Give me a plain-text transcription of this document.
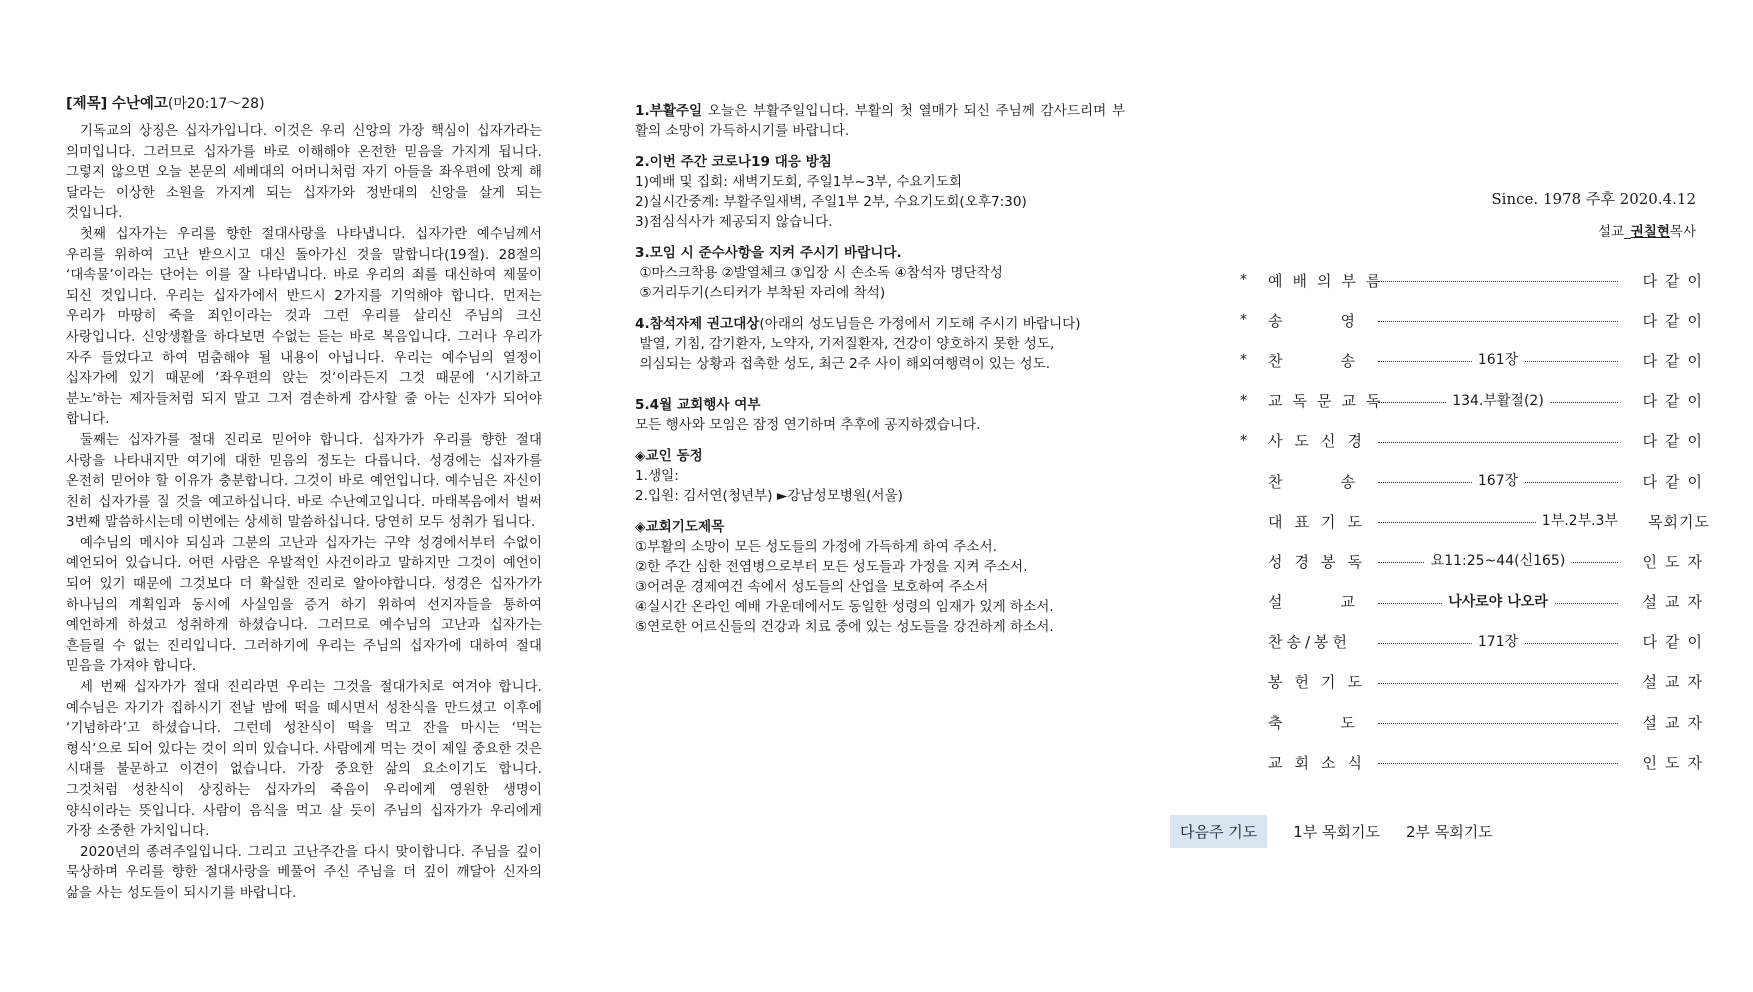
[제목] 수난예고(마20:17～28)

기독교의 상징은 십자가입니다. 이것은 우리 신앙의 가장 핵심이 십자가라는 의미입니다. 그러므로 십자가를 바로 이해해야 온전한 믿음을 가지게 됩니다. 그렇지 않으면 오늘 본문의 세베대의 어머니처럼 자기 아들을 좌우편에 앉게 해 달라는 이상한 소원을 가지게 되는 십자가와 정반대의 신앙을 살게 되는 것입니다.

첫째 십자가는 우리를 향한 절대사랑을 나타냅니다. 십자가란 예수님께서 우리를 위하여 고난 받으시고 대신 돌아가신 것을 말합니다(19절). 28절의 ‘대속물’이라는 단어는 이를 잘 나타냅니다. 바로 우리의 죄를 대신하여 제물이 되신 것입니다. 우리는 십자가에서 반드시 2가지를 기억해야 합니다. 먼저는 우리가 마땅히 죽을 죄인이라는 것과 그런 우리를 살리신 주님의 크신 사랑입니다. 신앙생활을 하다보면 수없는 듣는 바로 복음입니다. 그러나 우리가 자주 들었다고 하여 멈춤해야 될 내용이 아닙니다. 우리는 예수님의 열정이 십자가에 있기 때문에 ‘좌우편의 앉는 것’이라든지 그것 때문에 ‘시기하고 분노’하는 제자들처럼 되지 말고 그저 겸손하게 감사할 줄 아는 신자가 되어야 합니다.

둘째는 십자가를 절대 진리로 믿어야 합니다. 십자가가 우리를 향한 절대 사랑을 나타내지만 여기에 대한 믿음의 정도는 다릅니다. 성경에는 십자가를 온전히 믿어야 할 이유가 충분합니다. 그것이 바로 예언입니다. 예수님은 자신이 친히 십자가를 질 것을 예고하십니다. 바로 수난예고입니다. 마태복음에서 벌써 3번째 말씀하시는데 이번에는 상세히 말씀하십니다. 당연히 모두 성취가 됩니다.

예수님의 메시야 되심과 그분의 고난과 십자가는 구약 성경에서부터 수없이 예언되어 있습니다. 어떤 사람은 우발적인 사건이라고 말하지만 그것이 예언이 되어 있기 때문에 그것보다 더 확실한 진리로 알아야합니다. 성경은 십자가가 하나님의 계획임과 동시에 사실임을 증거 하기 위하여 선지자들을 통하여 예언하게 하셨고 성취하게 하셨습니다. 그러므로 예수님의 고난과 십자가는 흔들릴 수 없는 진리입니다. 그러하기에 우리는 주님의 십자가에 대하여 절대 믿음을 가져야 합니다.

세 번째 십자가가 절대 진리라면 우리는 그것을 절대가치로 여겨야 합니다. 예수님은 자기가 집하시기 전날 밤에 떡을 떼시면서 성찬식을 만드셨고 이후에 ‘기념하라’고 하셨습니다. 그런데 성찬식이 떡을 먹고 잔을 마시는 ‘먹는 형식’으로 되어 있다는 것이 의미 있습니다. 사람에게 먹는 것이 제일 중요한 것은 시대를 불문하고 이견이 없습니다. 가장 중요한 삶의 요소이기도 합니다. 그것처럼 성찬식이 상징하는 십자가의 죽음이 우리에게 영원한 생명이 양식이라는 뜻입니다. 사람이 음식을 먹고 살 듯이 주님의 십자가가 우리에게 가장 소중한 가치입니다.

2020년의 종려주일입니다. 그리고 고난주간을 다시 맞이합니다. 주님을 깊이 묵상하며 우리를 향한 절대사랑을 베풀어 주신 주님을 더 깊이 깨달아 신자의 삶을 사는 성도들이 되시기를 바랍니다.

1.부활주일 오늘은 부활주일입니다. 부활의 첫 열매가 되신 주님께 감사드리며 부활의 소망이 가득하시기를 바랍니다.

2.이번 주간 코로나19 대응 방침

1)예배 및 집회: 새벽기도회, 주일1부~3부, 수요기도회

2)실시간중계: 부활주일새벽, 주일1부 2부, 수요기도회(오후7:30)

3)점심식사가 제공되지 않습니다.

3.모임 시 준수사항을 지켜 주시기 바랍니다.

①마스크착용 ②발열체크 ③입장 시 손소독 ④참석자 명단작성

⑤거리두기(스티커가 부착된 자리에 착석)

4.참석자제 권고대상(아래의 성도님들은 가정에서 기도해 주시기 바랍니다)

발열, 기침, 감기환자, 노약자, 기저질환자, 건강이 양호하지 못한 성도,

의심되는 상황과 접촉한 성도, 최근 2주 사이 해외여행력이 있는 성도.

5.4월 교회행사 여부

모든 행사와 모임은 잠정 연기하며 추후에 공지하겠습니다.

◈교인 동정

1.생일:

2.입원: 김서연(청년부) ►강남성모병원(서울)

◈교회기도제목

①부활의 소망이 모든 성도들의 가정에 가득하게 하여 주소서.

②한 주간 심한 전염병으로부터 모든 성도들과 가정을 지켜 주소서.

③어려운 경제여건 속에서 성도들의 산업을 보호하여 주소서

④실시간 온라인 예배 가운데에서도 동일한 성령의 임재가 있게 하소서.

⑤연로한 어르신들의 건강과 치료 중에 있는 성도들을 강건하게 하소서.

Since. 1978 주후 2020.4.12

설교_권칠현목사

*	예배의부름	다같이
*	송영	다같이
*	찬송	161장	다같이
*	교독문교독	134.부활절(2)	다같이
*	사도신경	다같이
찬송	167장	다같이
대표기도	1부.2부.3부	목회기도
성경봉독	요11:25~44(신165)	인도자
설교	나사로야 나오라	설교자
찬송/봉헌	171장	다같이
봉헌기도	설교자
축도	설교자
교회소식	인도자
다음주 기도	1부 목회기도 2부 목회기도
